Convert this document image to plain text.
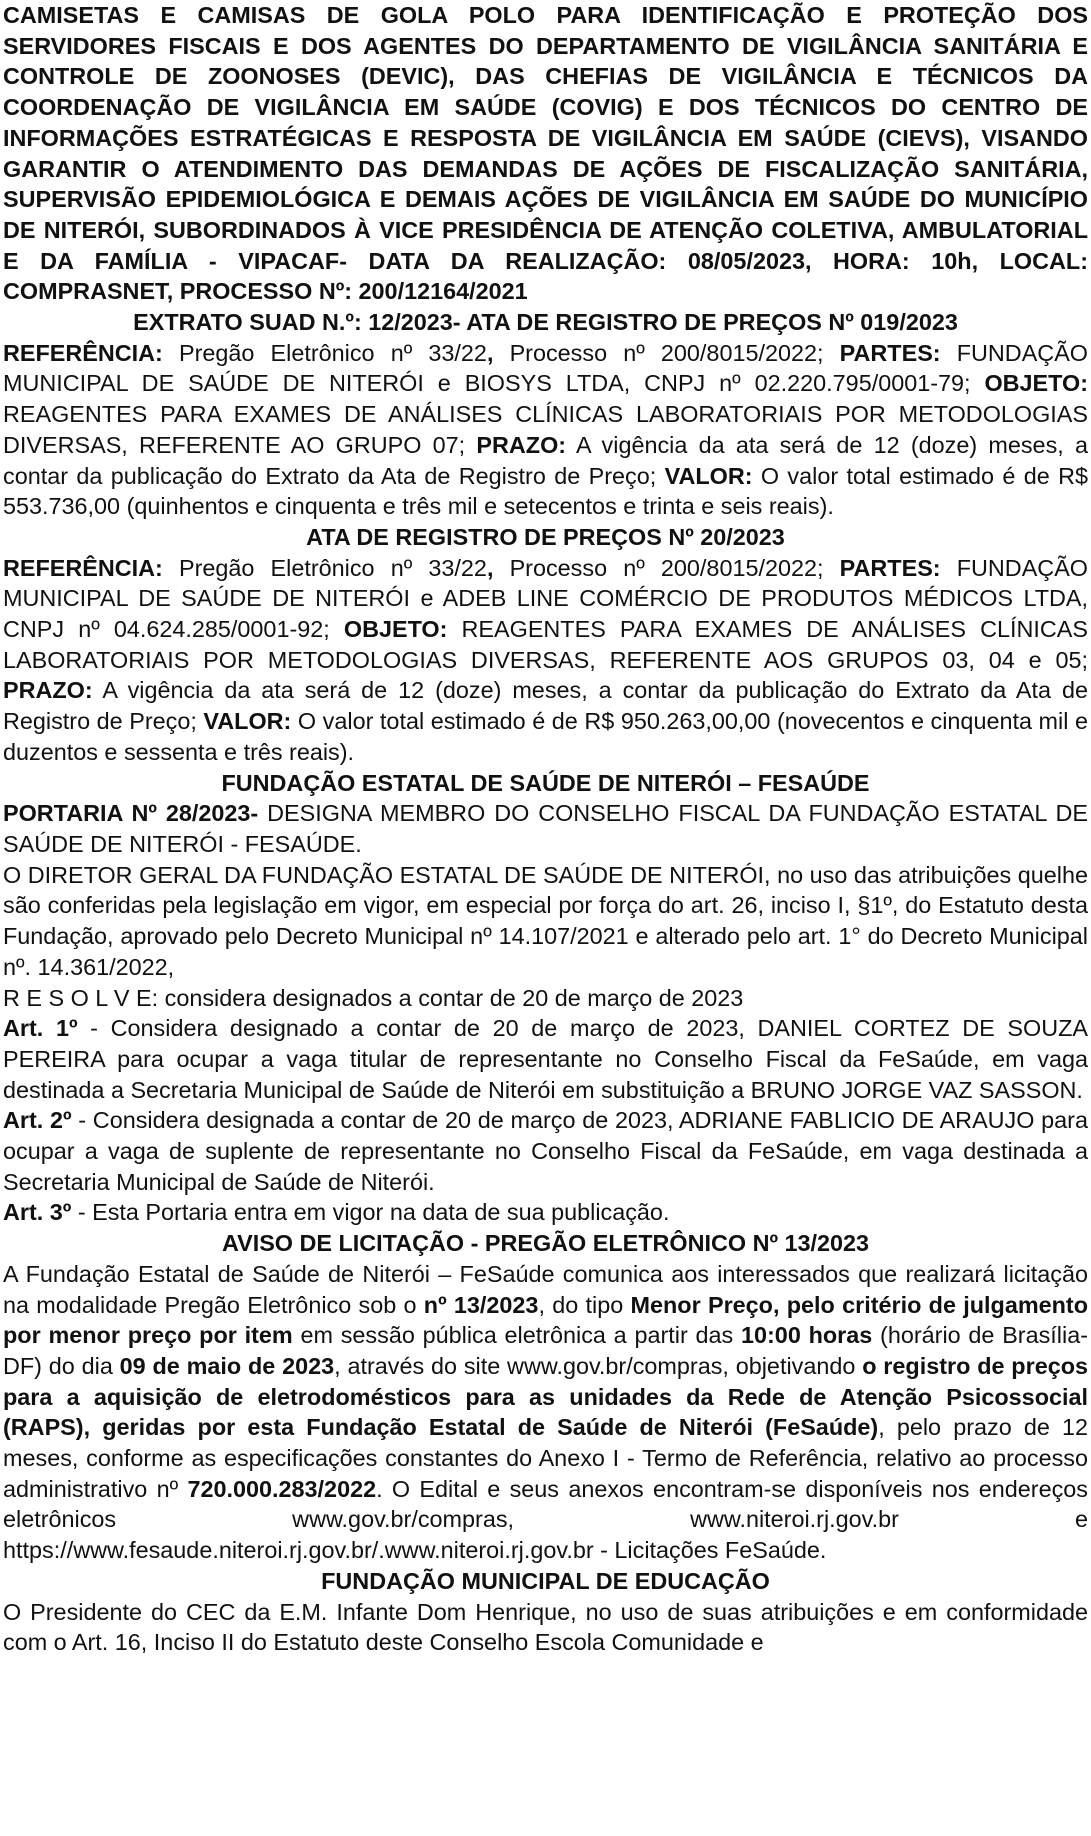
CAMISETAS E CAMISAS DE GOLA POLO PARA IDENTIFICAÇÃO E PROTEÇÃO DOS SERVIDORES FISCAIS E DOS AGENTES DO DEPARTAMENTO DE VIGILÂNCIA SANITÁRIA E CONTROLE DE ZOONOSES (DEVIC), DAS CHEFIAS DE VIGILÂNCIA E TÉCNICOS DA COORDENAÇÃO DE VIGILÂNCIA EM SAÚDE (COVIG) E DOS TÉCNICOS DO CENTRO DE INFORMAÇÕES ESTRATÉGICAS E RESPOSTA DE VIGILÂNCIA EM SAÚDE (CIEVS), VISANDO GARANTIR O ATENDIMENTO DAS DEMANDAS DE AÇÕES DE FISCALIZAÇÃO SANITÁRIA, SUPERVISÃO EPIDEMIOLÓGICA E DEMAIS AÇÕES DE VIGILÂNCIA EM SAÚDE DO MUNICÍPIO DE NITERÓI, SUBORDINADOS À VICE PRESIDÊNCIA DE ATENÇÃO COLETIVA, AMBULATORIAL E DA FAMÍLIA - VIPACAF- DATA DA REALIZAÇÃO: 08/05/2023, HORA: 10h, LOCAL: COMPRASNET, PROCESSO Nº: 200/12164/2021

EXTRATO SUAD N.º: 12/2023- ATA DE REGISTRO DE PREÇOS Nº 019/2023

REFERÊNCIA: Pregão Eletrônico nº 33/22, Processo nº 200/8015/2022; PARTES: FUNDAÇÃO MUNICIPAL DE SAÚDE DE NITERÓI e BIOSYS LTDA, CNPJ nº 02.220.795/0001-79; OBJETO: REAGENTES PARA EXAMES DE ANÁLISES CLÍNICAS LABORATORIAIS POR METODOLOGIAS DIVERSAS, REFERENTE AO GRUPO 07; PRAZO: A vigência da ata será de 12 (doze) meses, a contar da publicação do Extrato da Ata de Registro de Preço; VALOR: O valor total estimado é de R$ 553.736,00 (quinhentos e cinquenta e três mil e setecentos e trinta e seis reais).

ATA DE REGISTRO DE PREÇOS Nº 20/2023

REFERÊNCIA: Pregão Eletrônico nº 33/22, Processo nº 200/8015/2022; PARTES: FUNDAÇÃO MUNICIPAL DE SAÚDE DE NITERÓI e ADEB LINE COMÉRCIO DE PRODUTOS MÉDICOS LTDA, CNPJ nº 04.624.285/0001-92; OBJETO: REAGENTES PARA EXAMES DE ANÁLISES CLÍNICAS LABORATORIAIS POR METODOLOGIAS DIVERSAS, REFERENTE AOS GRUPOS 03, 04 e 05; PRAZO: A vigência da ata será de 12 (doze) meses, a contar da publicação do Extrato da Ata de Registro de Preço; VALOR: O valor total estimado é de R$ 950.263,00,00 (novecentos e cinquenta mil e duzentos e sessenta e três reais).

FUNDAÇÃO ESTATAL DE SAÚDE DE NITERÓI – FESAÚDE

PORTARIA Nº 28/2023- DESIGNA MEMBRO DO CONSELHO FISCAL DA FUNDAÇÃO ESTATAL DE SAÚDE DE NITERÓI - FESAÚDE.

O DIRETOR GERAL DA FUNDAÇÃO ESTATAL DE SAÚDE DE NITERÓI, no uso das atribuições quelhe são conferidas pela legislação em vigor, em especial por força do art. 26, inciso I, §1º, do Estatuto desta Fundação, aprovado pelo Decreto Municipal nº 14.107/2021 e alterado pelo art. 1° do Decreto Municipal nº. 14.361/2022,

R E S O L V E: considera designados a contar de 20 de março de 2023

Art. 1º - Considera designado a contar de 20 de março de 2023, DANIEL CORTEZ DE SOUZA PEREIRA para ocupar a vaga titular de representante no Conselho Fiscal da FeSaúde, em vaga destinada a Secretaria Municipal de Saúde de Niterói em substituição a BRUNO JORGE VAZ SASSON.

Art. 2º - Considera designada a contar de 20 de março de 2023, ADRIANE FABLICIO DE ARAUJO para ocupar a vaga de suplente de representante no Conselho Fiscal da FeSaúde, em vaga destinada a Secretaria Municipal de Saúde de Niterói.

Art. 3º - Esta Portaria entra em vigor na data de sua publicação.

AVISO DE LICITAÇÃO - PREGÃO ELETRÔNICO Nº 13/2023

A Fundação Estatal de Saúde de Niterói – FeSaúde comunica aos interessados que realizará licitação na modalidade Pregão Eletrônico sob o nº 13/2023, do tipo Menor Preço, pelo critério de julgamento por menor preço por item em sessão pública eletrônica a partir das 10:00 horas (horário de Brasília-DF) do dia 09 de maio de 2023, através do site www.gov.br/compras, objetivando o registro de preços para a aquisição de eletrodomésticos para as unidades da Rede de Atenção Psicossocial (RAPS), geridas por esta Fundação Estatal de Saúde de Niterói (FeSaúde), pelo prazo de 12 meses, conforme as especificações constantes do Anexo I - Termo de Referência, relativo ao processo administrativo nº 720.000.283/2022. O Edital e seus anexos encontram-se disponíveis nos endereços eletrônicos www.gov.br/compras, www.niteroi.rj.gov.br e https://www.fesaude.niteroi.rj.gov.br/.www.niteroi.rj.gov.br - Licitações FeSaúde.

FUNDAÇÃO MUNICIPAL DE EDUCAÇÃO

O Presidente do CEC da E.M. Infante Dom Henrique, no uso de suas atribuições e em conformidade com o Art. 16, Inciso II do Estatuto deste Conselho Escola Comunidade e
